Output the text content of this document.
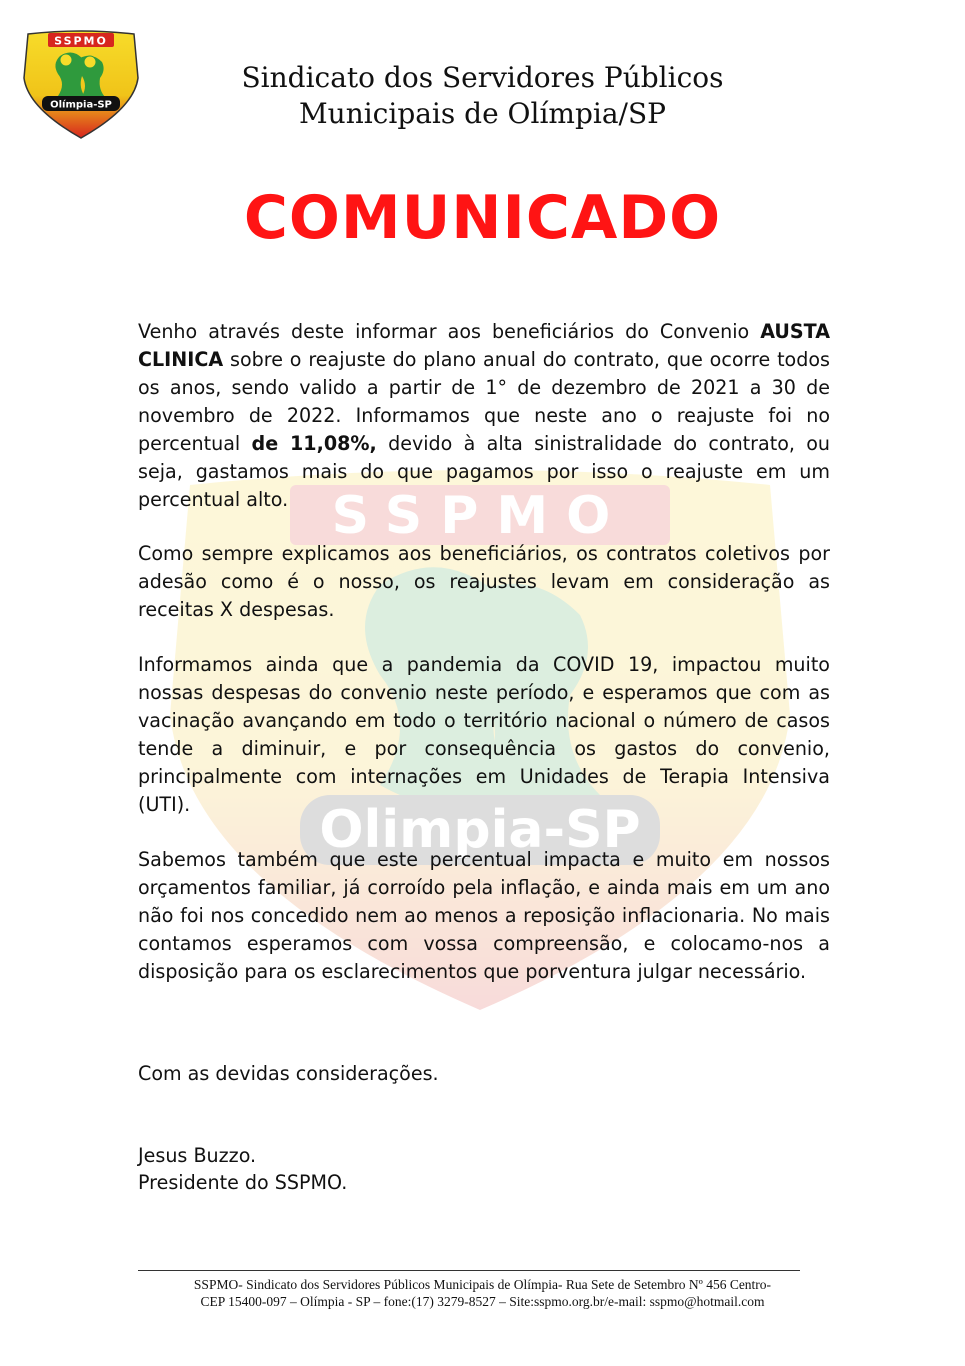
SSPMO
Olimpia-SP
SSPMO
Olímpia-SP
Sindicato dos Servidores Públicos
Municipais de Olímpia/SP
COMUNICADO

Venho através deste informar aos beneficiários do Convenio AUSTA CLINICA sobre o reajuste do plano anual do contrato, que ocorre todos os anos, sendo valido a partir de 1° de dezembro de 2021 a 30 de novembro de 2022. Informamos que neste ano o reajuste foi no percentual de 11,08%, devido à alta sinistralidade do contrato, ou seja, gastamos mais do que pagamos por isso o reajuste em um percentual alto.

Como sempre explicamos aos beneficiários, os contratos coletivos por adesão como é o nosso, os reajustes levam em consideração as receitas X despesas.

Informamos ainda que a pandemia da COVID 19, impactou muito nossas despesas do convenio neste período, e esperamos que com as vacinação avançando em todo o território nacional o número de casos tende a diminuir, e por consequência os gastos do convenio, principalmente com internações em Unidades de Terapia Intensiva (UTI).

Sabemos também que este percentual impacta e muito em nossos orçamentos familiar, já corroído pela inflação, e ainda mais em um ano não foi nos concedido nem ao menos a reposição inflacionaria. No mais contamos esperamos com vossa compreensão, e colocamo-nos a disposição para os esclarecimentos que porventura julgar necessário.

Com as devidas considerações.
Jesus Buzzo.
Presidente do SSPMO.
SSPMO- Sindicato dos Servidores Públicos Municipais de Olímpia- Rua Sete de Setembro Nº 456 Centro-
CEP 15400-097 – Olímpia - SP – fone:(17) 3279-8527 – Site:sspmo.org.br/e-mail: sspmo@hotmail.com
